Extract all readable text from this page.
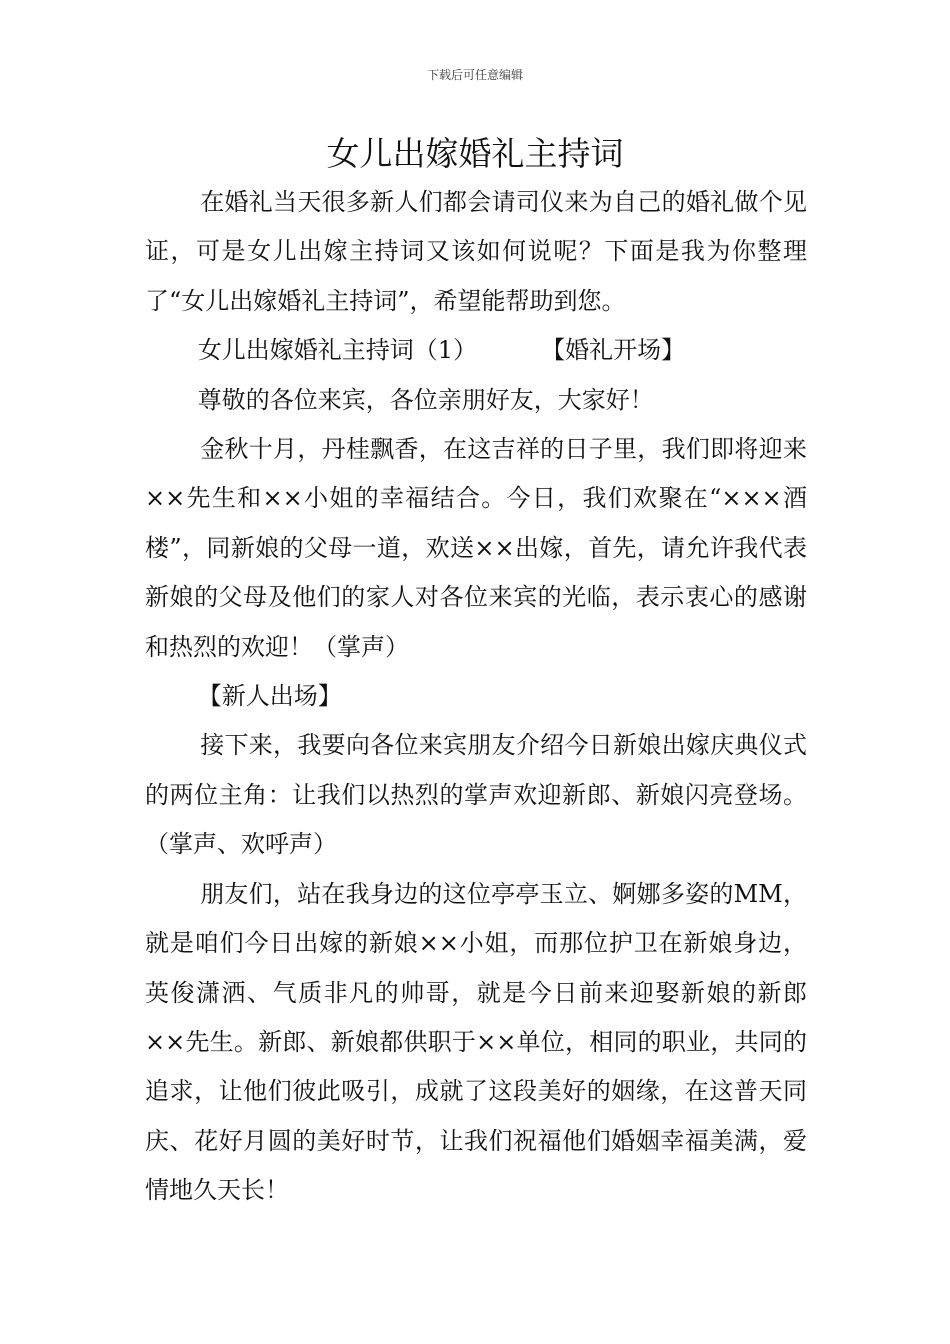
下载后可任意编辑
女儿出嫁婚礼主持词

在婚礼当天很多新人们都会请司仪来为自己的婚礼做个见证，可是女儿出嫁主持词又该如何说呢？下面是我为你整理了“女儿出嫁婚礼主持词”，希望能帮助到您。

女儿出嫁婚礼主持词（1）	【婚礼开场】

尊敬的各位来宾，各位亲朋好友，大家好！

金秋十月，丹桂飘香，在这吉祥的日子里，我们即将迎来××先生和××小姐的幸福结合。今日，我们欢聚在“×××酒楼”，同新娘的父母一道，欢送××出嫁，首先，请允许我代表新娘的父母及他们的家人对各位来宾的光临，表示衷心的感谢和热烈的欢迎！（掌声）

【新人出场】

接下来，我要向各位来宾朋友介绍今日新娘出嫁庆典仪式的两位主角：让我们以热烈的掌声欢迎新郎、新娘闪亮登场。（掌声、欢呼声）

朋友们，站在我身边的这位亭亭玉立、婀娜多姿的MM，就是咱们今日出嫁的新娘××小姐，而那位护卫在新娘身边，英俊潇洒、气质非凡的帅哥，就是今日前来迎娶新娘的新郎××先生。新郎、新娘都供职于××单位，相同的职业，共同的追求，让他们彼此吸引，成就了这段美好的姻缘，在这普天同庆、花好月圆的美好时节，让我们祝福他们婚姻幸福美满，爱情地久天长！
